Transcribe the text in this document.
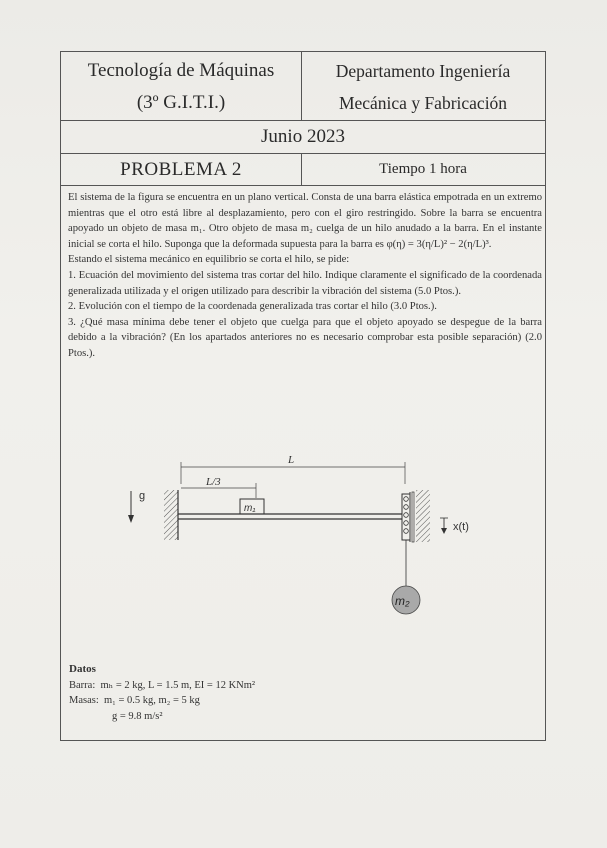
Tecnología de Máquinas
(3º G.I.T.I.)
Departamento Ingeniería
Mecánica y Fabricación
Junio 2023
PROBLEMA 2	Tiempo 1 hora

El sistema de la figura se encuentra en un plano vertical. Consta de una barra elástica empotrada en un extremo mientras que el otro está libre al desplazamiento, pero con el giro restringido. Sobre la barra se encuentra apoyado un objeto de masa m₁. Otro objeto de masa m₂ cuelga de un hilo anudado a la barra. En el instante inicial se corta el hilo. Suponga que la deformada supuesta para la barra es φ(η) = 3(η/L)² − 2(η/L)³.

Estando el sistema mecánico en equilibrio se corta el hilo, se pide:

1. Ecuación del movimiento del sistema tras cortar del hilo. Indique claramente el significado de la coordenada generalizada utilizada y el origen utilizado para describir la vibración del sistema (5.0 Ptos.).

2. Evolución con el tiempo de la coordenada generalizada tras cortar el hilo (3.0 Ptos.).

3. ¿Qué masa mínima debe tener el objeto que cuelga para que el objeto apoyado se despegue de la barra debido a la vibración? (En los apartados anteriores no es necesario comprobar esta posible separación) (2.0 Ptos.).

Datos
Barra: mₕ = 2 kg, L = 1.5 m, EI = 12 KNm²
Masas: m₁ = 0.5 kg, m₂ = 5 kg
g = 9.8 m/s²
L
L/3
g
m₁
x(t)
m₂
